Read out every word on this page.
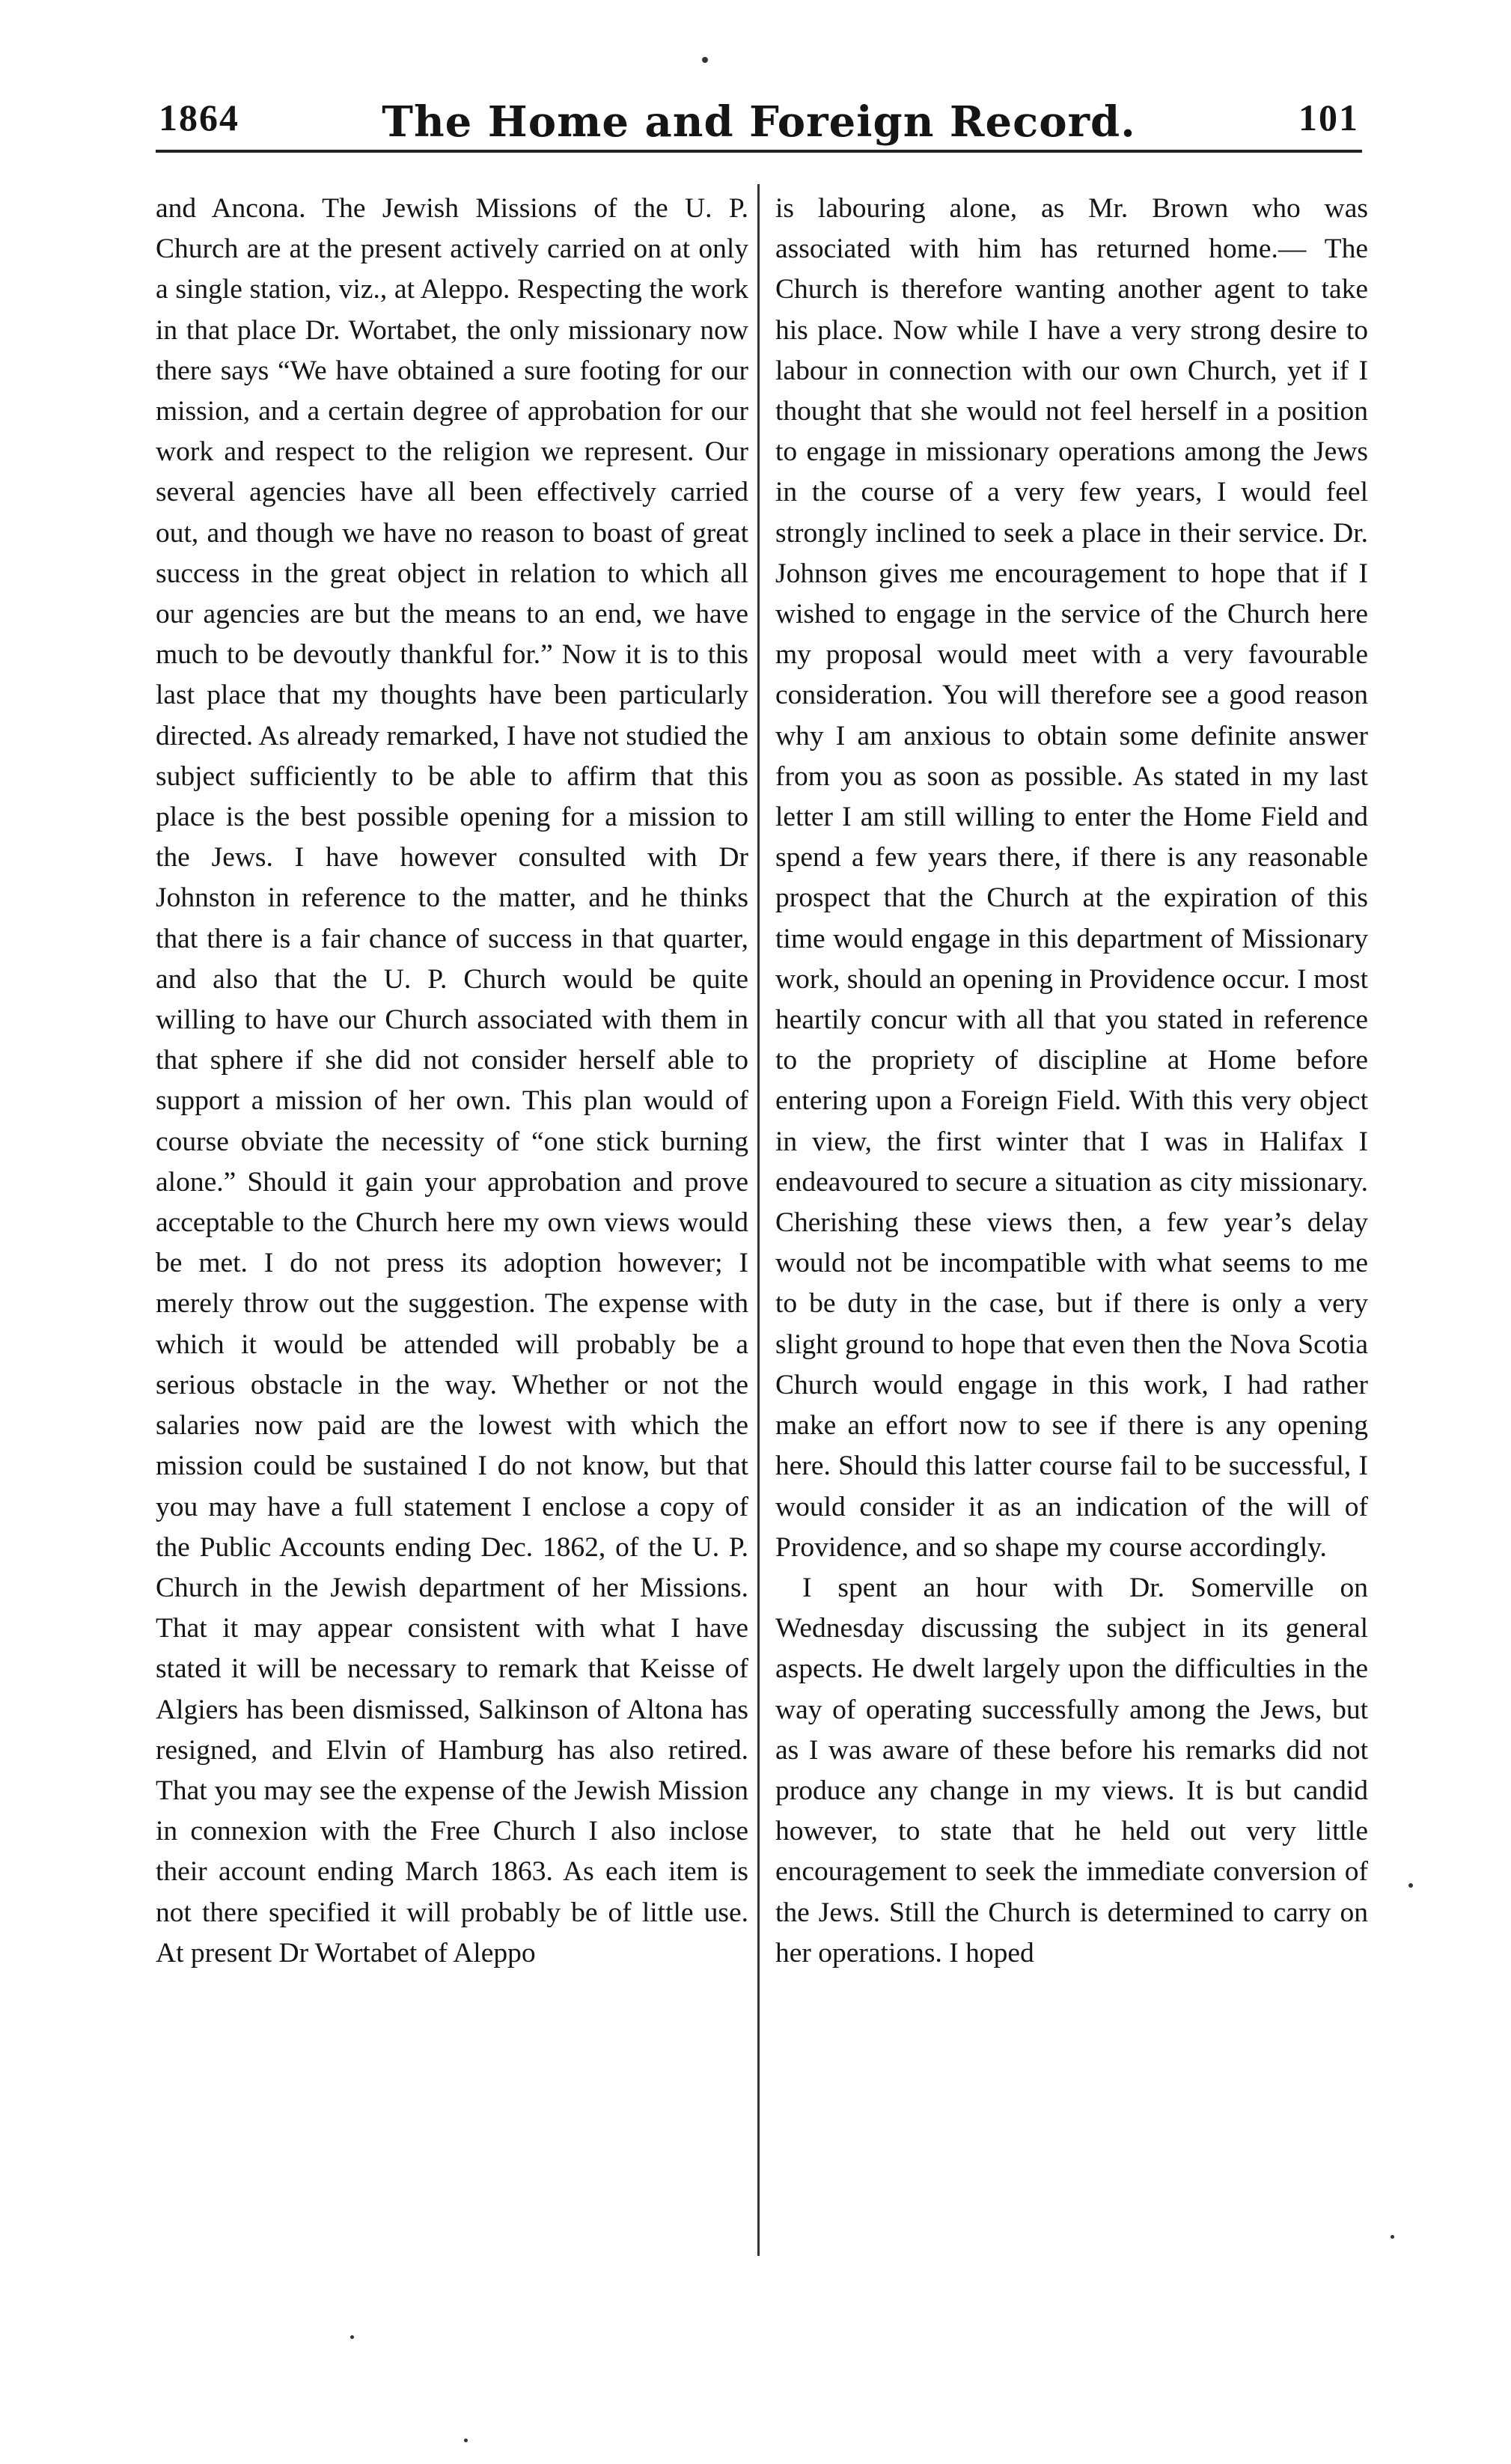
1864	The Home and Foreign Record.	101

and Ancona. The Jewish Missions of the U. P. Church are at the present actively carried on at only a single station, viz., at Aleppo. Respecting the work in that place Dr. Wortabet, the only missionary now there says “We have obtained a sure footing for our mission, and a certain degree of approbation for our work and respect to the religion we represent. Our several agencies have all been effectively carried out, and though we have no reason to boast of great success in the great object in relation to which all our agencies are but the means to an end, we have much to be devoutly thankful for.” Now it is to this last place that my thoughts have been particularly directed. As already remarked, I have not studied the subject sufficiently to be able to affirm that this place is the best possible opening for a mission to the Jews. I have however consulted with Dr Johnston in reference to the matter, and he thinks that there is a fair chance of success in that quarter, and also that the U. P. Church would be quite willing to have our Church associated with them in that sphere if she did not consider herself able to support a mission of her own. This plan would of course obviate the necessity of “one stick burning alone.” Should it gain your approbation and prove acceptable to the Church here my own views would be met. I do not press its adoption however; I merely throw out the suggestion. The expense with which it would be attended will probably be a serious obstacle in the way. Whether or not the salaries now paid are the lowest with which the mission could be sustained I do not know, but that you may have a full statement I enclose a copy of the Public Accounts ending Dec. 1862, of the U. P. Church in the Jewish department of her Missions. That it may appear consistent with what I have stated it will be necessary to remark that Keisse of Algiers has been dismissed, Salkinson of Altona has resigned, and Elvin of Hamburg has also retired. That you may see the expense of the Jewish Mission in connexion with the Free Church I also inclose their account ending March 1863. As each item is not there specified it will probably be of little use. At present Dr Wortabet of Aleppo

is labouring alone, as Mr. Brown who was associated with him has returned home.— The Church is therefore wanting another agent to take his place. Now while I have a very strong desire to labour in connection with our own Church, yet if I thought that she would not feel herself in a position to engage in missionary operations among the Jews in the course of a very few years, I would feel strongly inclined to seek a place in their service. Dr. Johnson gives me encouragement to hope that if I wished to engage in the service of the Church here my proposal would meet with a very favourable consideration. You will therefore see a good reason why I am anxious to obtain some definite answer from you as soon as possible. As stated in my last letter I am still willing to enter the Home Field and spend a few years there, if there is any reasonable prospect that the Church at the expiration of this time would engage in this department of Missionary work, should an opening in Providence occur. I most heartily concur with all that you stated in reference to the propriety of discipline at Home before entering upon a Foreign Field. With this very object in view, the first winter that I was in Halifax I endeavoured to secure a situation as city missionary. Cherishing these views then, a few year’s delay would not be incompatible with what seems to me to be duty in the case, but if there is only a very slight ground to hope that even then the Nova Scotia Church would engage in this work, I had rather make an effort now to see if there is any opening here. Should this latter course fail to be successful, I would consider it as an indication of the will of Providence, and so shape my course accordingly.

I spent an hour with Dr. Somerville on Wednesday discussing the subject in its general aspects. He dwelt largely upon the difficulties in the way of operating successfully among the Jews, but as I was aware of these before his remarks did not produce any change in my views. It is but candid however, to state that he held out very little encouragement to seek the immediate conversion of the Jews. Still the Church is determined to carry on her operations. I hoped
